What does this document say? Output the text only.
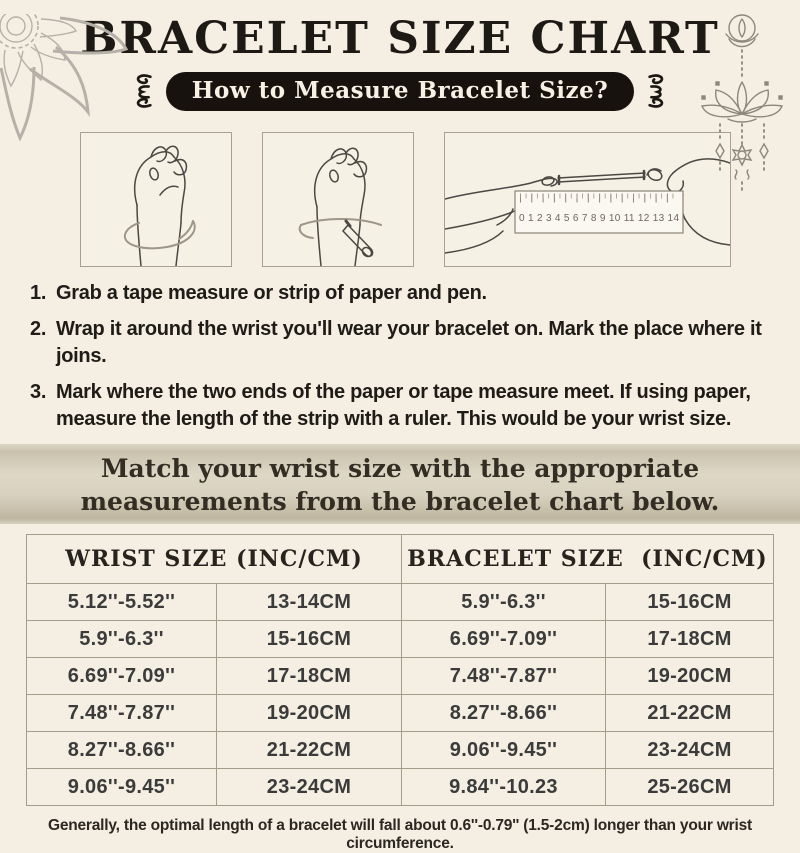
BRACELET SIZE CHART
How to Measure Bracelet Size?
0 1 2 3 4 5 6 7 8 9 10 11 12 13 14
1. Grab a tape measure or strip of paper and pen.
2. Wrap it around the wrist you'll wear your bracelet on. Mark the place where it joins.
3. Mark where the two ends of the paper or tape measure meet. If using paper, measure the length of the strip with a ruler. This would be your wrist size.
Match your wrist size with the appropriate measurements from the bracelet chart below.
WRIST SIZE (INC/CM)		BRACELET SIZE  (INC/CM)	
5.12''-5.52''	13-14CM	5.9''-6.3''	15-16CM
5.9''-6.3''	15-16CM	6.69''-7.09''	17-18CM
6.69''-7.09''	17-18CM	7.48''-7.87''	19-20CM
7.48''-7.87''	19-20CM	8.27''-8.66''	21-22CM
8.27''-8.66''	21-22CM	9.06''-9.45''	23-24CM
9.06''-9.45''	23-24CM	9.84''-10.23	25-26CM
Generally, the optimal length of a bracelet will fall about 0.6''-0.79'' (1.5-2cm) longer than your wrist circumference.
